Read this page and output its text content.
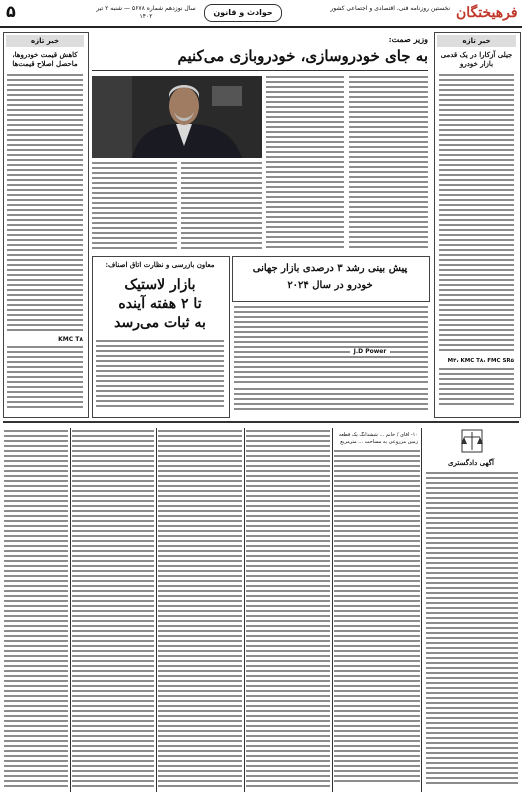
فرهیختگان
نخستین روزنامه فنی، اقتصادی و اجتماعی کشور
حوادث و قانون
سال نوزدهم شماره ۵۶۷۸ — شنبه ۲ تیر ۱۴۰۲
۵
خبر تازه
کاهش قیمت خودروها، ماحصل اصلاح قیمت‌ها
KMC T۸
خبر تازه
جیلی آزکارا در یک قدمی بازار خودرو
M۴، KMC T۸، FMC SR۵
وزیر صمت:
به جای خودروسازی، خودروبازی می‌کنیم
پیش بینی رشد ۳ درصدی بازار جهانی
خودرو در سال ۲۰۲۴
J.D Power
معاون بازرسی و نظارت اتاق اصناف:
بازار لاستیک
تا ۲ هفته آینده
به ثبات می‌رسد
آگهی دادگستری
۱۰- آقای / خانم ... ششدانگ یک قطعه زمین مزروعی به مساحت ... مترمربع
